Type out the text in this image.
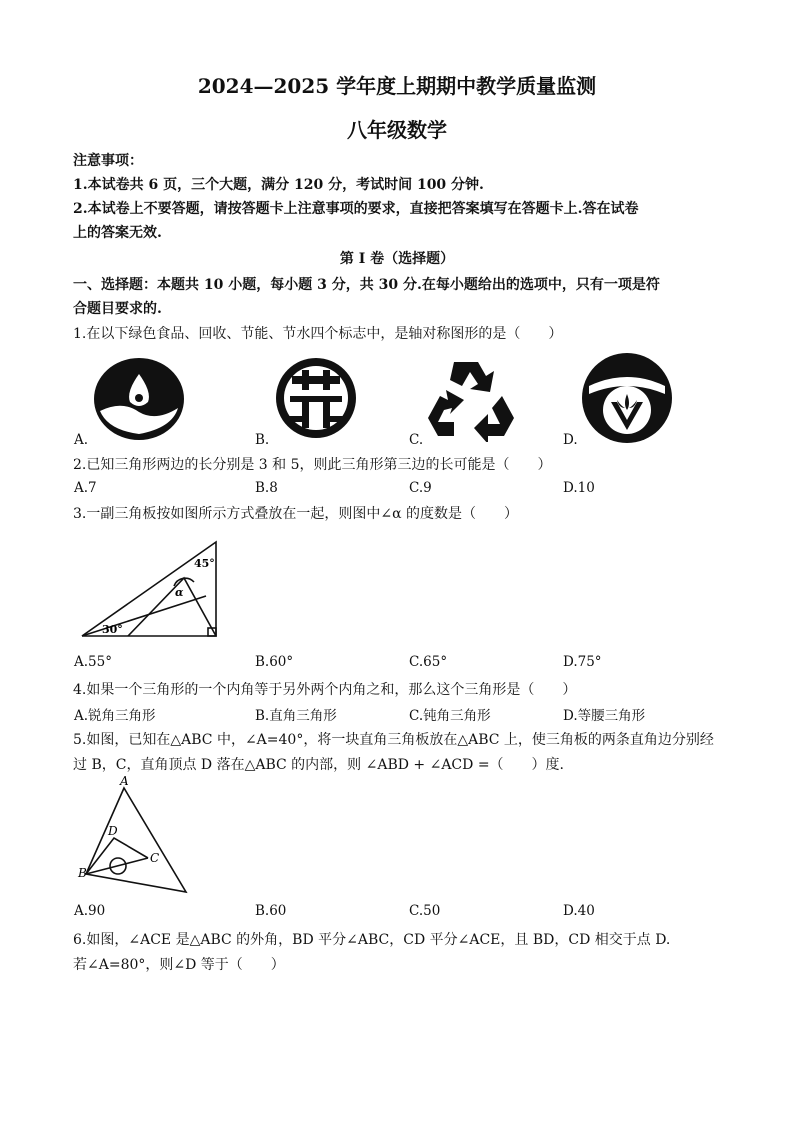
2024—2025 学年度上期期中教学质量监测
八年级数学
注意事项：
1.本试卷共 6 页，三个大题，满分 120 分，考试时间 100 分钟.
2.本试卷上不要答题，请按答题卡上注意事项的要求，直接把答案填写在答题卡上.答在试卷
上的答案无效.
第 I 卷（选择题）
一、选择题：本题共 10 小题，每小题 3 分，共 30 分.在每小题给出的选项中，只有一项是符
合题目要求的.
1.在以下绿色食品、回收、节能、节水四个标志中，是轴对称图形的是（　　）
A.	B.	C.	D.
2.已知三角形两边的长分别是 3 和 5，则此三角形第三边的长可能是（　　）
A.7	B.8	C.9	D.10
3.一副三角板按如图所示方式叠放在一起，则图中∠α 的度数是（　　）
45°
α
30°
A.55°	B.60°	C.65°	D.75°
4.如果一个三角形的一个内角等于另外两个内角之和，那么这个三角形是（　　）
A.锐角三角形	B.直角三角形	C.钝角三角形	D.等腰三角形
5.如图，已知在△ABC 中，∠A=40°，将一块直角三角板放在△ABC 上，使三角板的两条直角边分别经
过 B，C，直角顶点 D 落在△ABC 的内部，则 ∠ABD + ∠ACD =（　　）度.
A
D
C
B
A.90	B.60	C.50	D.40
6.如图，∠ACE 是△ABC 的外角，BD 平分∠ABC，CD 平分∠ACE，且 BD，CD 相交于点 D.
若∠A=80°，则∠D 等于（　　）
